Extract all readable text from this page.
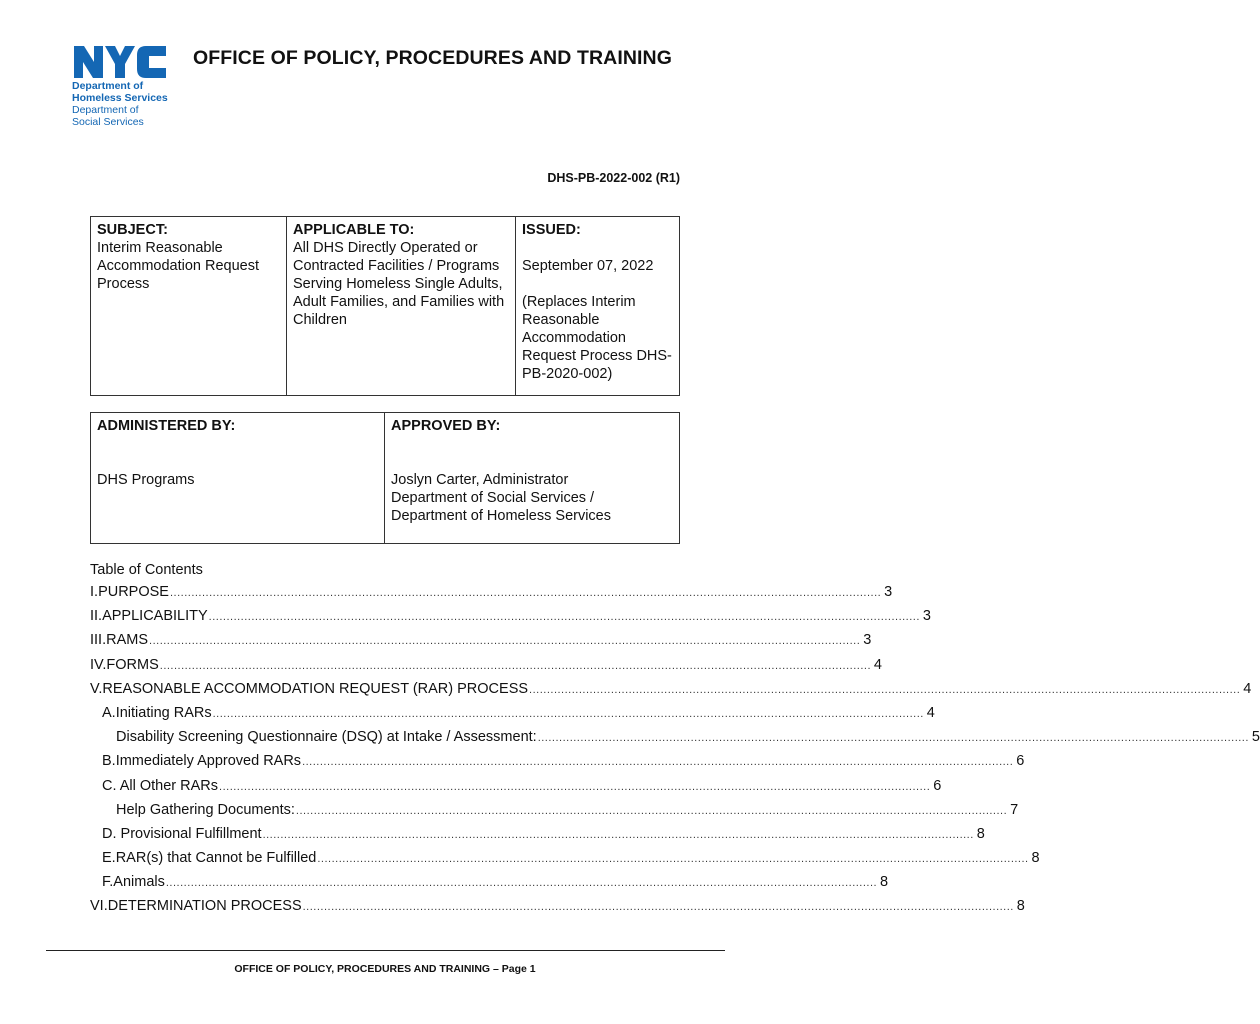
Department of
Homeless Services
Department of
Social Services
OFFICE OF POLICY, PROCEDURES AND TRAINING
DHS-PB-2022-002 (R1)
SUBJECT:
Interim Reasonable Accommodation Request Process	
APPLICABLE TO:
All DHS Directly Operated or Contracted Facilities / Programs Serving Homeless Single Adults, Adult Families, and Families with Children	
ISSUED:
September 07, 2022
(Replaces Interim Reasonable Accommodation Request Process DHS-PB-2020-002)
ADMINISTERED BY:
DHS Programs	
APPROVED BY:
Joslyn Carter, Administrator
Department of Social Services /
Department of Homeless Services
Table of Contents
I. PURPOSE ........................................................................................................................................................................................................ 3
II. APPLICABILITY ........................................................................................................................................................................................................ 3
III. RAMS ........................................................................................................................................................................................................ 3
IV. FORMS ........................................................................................................................................................................................................ 4
V. REASONABLE ACCOMMODATION REQUEST (RAR) PROCESS ........................................................................................................................................................................................................ 4
A. Initiating RARs ........................................................................................................................................................................................................ 4
Disability Screening Questionnaire (DSQ) at Intake / Assessment: ........................................................................................................................................................................................................ 5
B. Immediately Approved RARs ........................................................................................................................................................................................................ 6
C. All Other RARs ........................................................................................................................................................................................................ 6
Help Gathering Documents: ........................................................................................................................................................................................................ 7
D. Provisional Fulfillment ........................................................................................................................................................................................................ 8
E. RAR(s) that Cannot be Fulfilled ........................................................................................................................................................................................................ 8
F. Animals ........................................................................................................................................................................................................ 8
VI. DETERMINATION PROCESS ........................................................................................................................................................................................................ 8
OFFICE OF POLICY, PROCEDURES AND TRAINING – Page 1
